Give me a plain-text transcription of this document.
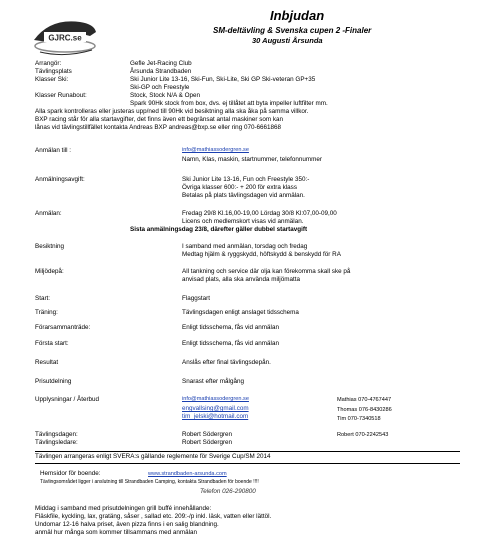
GJRC.se
Inbjudan
SM-deltävling & Svenska cupen 2 -Finaler
30 Augusti Årsunda
Arrangör:	Gefle Jet-Racing Club
Tävlingsplats	Årsunda Strandbaden
Klasser Ski:	Ski Junior Lite 13-16, Ski-Fun, Ski-Lite, Ski GP Ski-veteran GP+35
Ski-GP och Freestyle
Klasser Runabout:	Stock, Stock N/A & Open
Spark 90Hk stock from box, dvs. ej tillåtet att byta impeller luftfilter mm.
Alla spark kontrolleras eller justeras upp/ned till 90Hk vid besiktning alla ska åka på samma villkor.
BXP racing står för alla startavgifter, det finns även ett begränsat antal maskiner som kan
lånas vid tävlingstillfället kontakta Andreas BXP andreas@bxp.se eller ring 070-6661868
Anmälan till :	info@mathiassodergren.se
Namn, Klas, maskin, startnummer, telefonnummer
Anmälningsavgift:	Ski Junior Lite 13-16, Fun och Freestyle 350:-
Övriga klasser 600:- + 200 för extra klass
Betalas på plats tävlingsdagen vid anmälan.
Anmälan:	Fredag 29/8 Kl.16,00-19,00 Lördag 30/8 Kl:07,00-09,00
Licens och medlemskort visas vid anmälan.
Sista anmälningsdag 23/8, därefter gäller dubbel startavgift
Besiktning	I samband med anmälan, torsdag och fredag
Medtag hjälm & ryggskydd, höftskydd & benskydd för RA
Miljödepå:	All tankning och service där olja kan förekomma skall ske på
anvisad plats, alla ska använda miljömatta
Start:	Flaggstart
Träning:	Tävlingsdagen enligt anslaget tidsschema
Förarsammanträde:	Enligt tidsschema, fås vid anmälan
Första start:	Enligt tidsschema, fås vid anmälan
Resultat	Anslås efter final tävlingsdepån.
Prisutdelning	Snarast efter målgång
Upplysningar / Återbud	info@mathiassodergren.se	Mathias 070-4767447
engvallsing@gmail.com	Thomas 076-8430286
tim_jelski@hotmail.com	Tim 070-7340518
Tävlingsdagen:	Robert Södergren	Robert 070-2242543
Tävlingsledare:	Robert Södergren
Tävlingen arrangeras enligt SVERA:s gällande reglemente för Sverige Cup/SM 2014
Hemsidor för boende:	www.strandbaden-arsunda.com
Tävlingsområdet ligger i anslutning till Strandbaden Camping, kontakta Strandbaden för boende !!!!
Telefon 026-290800
Middag i samband med prisutdelningen grill buffé innehållande:
Fläskfile, kyckling, lax, gratäng, såser , sallad etc. 209:-/p inkl. läsk, vatten eller lättöl.
Undomar 12-16 halva priset, även pizza finns i en salig blandning.
anmäl hur många som kommer tillsammans med anmälan
